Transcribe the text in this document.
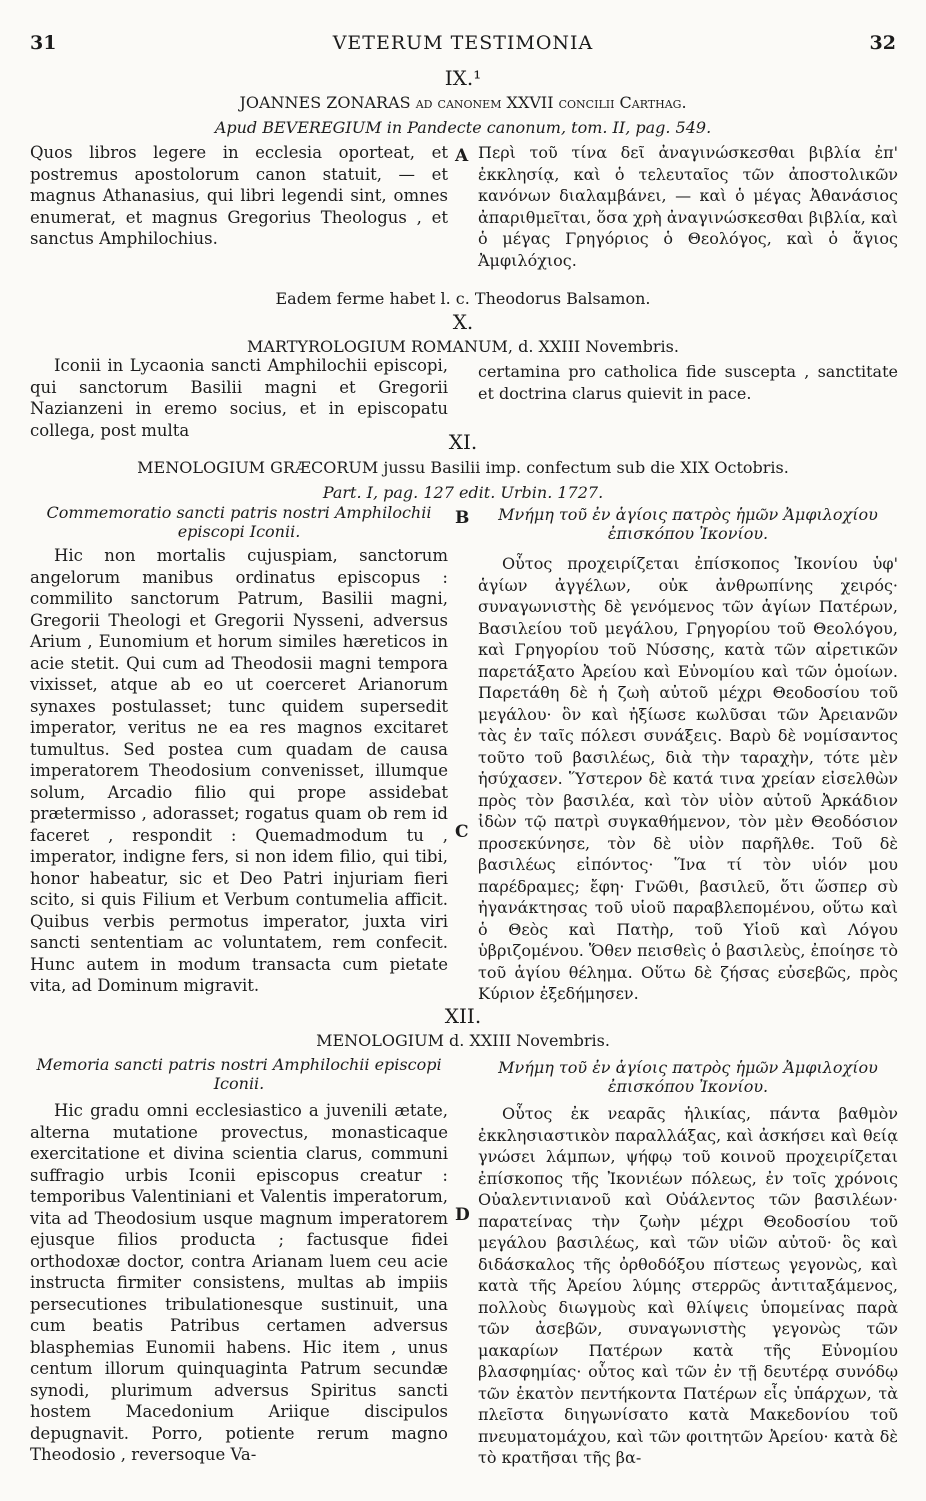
31	VETERUM TESTIMONIA	32
IX.¹
JOANNES ZONARAS ad canonem XXVII concilii Carthag.
Apud BEVEREGIUM in Pandecte canonum, tom. II, pag. 549.

Quos libros legere in ecclesia oporteat, et postremus apostolorum canon statuit, — et magnus Athanasius, qui libri legendi sint, omnes enumerat, et magnus Gregorius Theologus , et sanctus Amphilochius.

Περὶ τοῦ τίνα δεῖ ἀναγινώσκεσθαι βιβλία ἐπ' ἐκκλησίᾳ, καὶ ὁ τελευταῖος τῶν ἀποστολικῶν κανόνων διαλαμβάνει, — καὶ ὁ μέγας Ἀθανάσιος ἀπαριθμεῖται, ὅσα χρὴ ἀναγινώσκεσθαι βιβλία, καὶ ὁ μέγας Γρηγόριος ὁ Θεολόγος, καὶ ὁ ἅγιος Ἀμφιλόχιος.

Eadem ferme habet l. c. Theodorus Balsamon.
X.
MARTYROLOGIUM ROMANUM, d. XXIII Novembris.

Iconii in Lycaonia sancti Amphilochii episcopi, qui sanctorum Basilii magni et Gregorii Nazianzeni in eremo socius, et in episcopatu collega, post multa

certamina pro catholica fide suscepta , sanctitate et doctrina clarus quievit in pace.

XI.
MENOLOGIUM GRÆCORUM jussu Basilii imp. confectum sub die XIX Octobris.
Part. I, pag. 127 edit. Urbin. 1727.
Commemoratio sancti patris nostri Amphilochii episcopi Iconii.
Μνήμη τοῦ ἐν ἁγίοις πατρὸς ἡμῶν Ἀμφιλοχίου ἐπισκόπου Ἰκονίου.

Hic non mortalis cujuspiam, sanctorum angelorum manibus ordinatus episcopus : commilito sanctorum Patrum, Basilii magni, Gregorii Theologi et Gregorii Nysseni, adversus Arium , Eunomium et horum similes hæreticos in acie stetit. Qui cum ad Theodosii magni tempora vixisset, atque ab eo ut coerceret Arianorum synaxes postulasset; tunc quidem supersedit imperator, veritus ne ea res magnos excitaret tumultus. Sed postea cum quadam de causa imperatorem Theodosium convenisset, illumque solum, Arcadio filio qui prope assidebat prætermisso , adorasset; rogatus quam ob rem id faceret , respondit : Quemadmodum tu , imperator, indigne fers, si non idem filio, qui tibi, honor habeatur, sic et Deo Patri injuriam fieri scito, si quis Filium et Verbum contumelia afficit. Quibus verbis permotus imperator, juxta viri sancti sententiam ac voluntatem, rem confecit. Hunc autem in modum transacta cum pietate vita, ad Dominum migravit.

Οὗτος προχειρίζεται ἐπίσκοπος Ἰκονίου ὑφ' ἁγίων ἀγγέλων, οὐκ ἀνθρωπίνης χειρός· συναγωνιστὴς δὲ γενόμενος τῶν ἁγίων Πατέρων, Βασιλείου τοῦ μεγάλου, Γρηγορίου τοῦ Θεολόγου, καὶ Γρηγορίου τοῦ Νύσσης, κατὰ τῶν αἱρετικῶν παρετάξατο Ἀρείου καὶ Εὐνομίου καὶ τῶν ὁμοίων. Παρετάθη δὲ ἡ ζωὴ αὐτοῦ μέχρι Θεοδοσίου τοῦ μεγάλου· ὃν καὶ ἠξίωσε κωλῦσαι τῶν Ἀρειανῶν τὰς ἐν ταῖς πόλεσι συνάξεις. Βαρὺ δὲ νομίσαντος τοῦτο τοῦ βασιλέως, διὰ τὴν ταραχὴν, τότε μὲν ἡσύχασεν. Ὕστερον δὲ κατά τινα χρείαν εἰσελθὼν πρὸς τὸν βασιλέα, καὶ τὸν υἱὸν αὐτοῦ Ἀρκάδιον ἰδὼν τῷ πατρὶ συγκαθήμενον, τὸν μὲν Θεοδόσιον προσεκύνησε, τὸν δὲ υἱὸν παρῆλθε. Τοῦ δὲ βασιλέως εἰπόντος· Ἵνα τί τὸν υἱόν μου παρέδραμες; ἔφη· Γνῶθι, βασιλεῦ, ὅτι ὥσπερ σὺ ἠγανάκτησας τοῦ υἱοῦ παραβλεπομένου, οὕτω καὶ ὁ Θεὸς καὶ Πατὴρ, τοῦ Υἱοῦ καὶ Λόγου ὑβριζομένου. Ὅθεν πεισθεὶς ὁ βασιλεὺς, ἐποίησε τὸ τοῦ ἁγίου θέλημα. Οὕτω δὲ ζήσας εὐσεβῶς, πρὸς Κύριον ἐξεδήμησεν.

XII.
MENOLOGIUM d. XXIII Novembris.
Memoria sancti patris nostri Amphilochii episcopi Iconii.
Μνήμη τοῦ ἐν ἁγίοις πατρὸς ἡμῶν Ἀμφιλοχίου ἐπισκόπου Ἰκονίου.

Hic gradu omni ecclesiastico a juvenili ætate, alterna mutatione provectus, monasticaque exercitatione et divina scientia clarus, communi suffragio urbis Iconii episcopus creatur : temporibus Valentiniani et Valentis imperatorum, vita ad Theodosium usque magnum imperatorem ejusque filios producta ; factusque fidei orthodoxæ doctor, contra Arianam luem ceu acie instructa firmiter consistens, multas ab impiis persecutiones tribulationesque sustinuit, una cum beatis Patribus certamen adversus blasphemias Eunomii habens. Hic item , unus centum illorum quinquaginta Patrum secundæ synodi, plurimum adversus Spiritus sancti hostem Macedonium Ariique discipulos depugnavit. Porro, potiente rerum magno Theodosio , reversoque Va-

Οὗτος ἐκ νεαρᾶς ἡλικίας, πάντα βαθμὸν ἐκκλησιαστικὸν παραλλάξας, καὶ ἀσκήσει καὶ θείᾳ γνώσει λάμπων, ψήφῳ τοῦ κοινοῦ προχειρίζεται ἐπίσκοπος τῆς Ἰκονιέων πόλεως, ἐν τοῖς χρόνοις Οὐαλεντινιανοῦ καὶ Οὐάλεντος τῶν βασιλέων· παρατείνας τὴν ζωὴν μέχρι Θεοδοσίου τοῦ μεγάλου βασιλέως, καὶ τῶν υἱῶν αὐτοῦ· ὃς καὶ διδάσκαλος τῆς ὀρθοδόξου πίστεως γεγονὼς, καὶ κατὰ τῆς Ἀρείου λύμης στερρῶς ἀντιταξάμενος, πολλοὺς διωγμοὺς καὶ θλίψεις ὑπομείνας παρὰ τῶν ἀσεβῶν, συναγωνιστὴς γεγονὼς τῶν μακαρίων Πατέρων κατὰ τῆς Εὐνομίου βλασφημίας· οὗτος καὶ τῶν ἐν τῇ δευτέρᾳ συνόδῳ τῶν ἑκατὸν πεντήκοντα Πατέρων εἷς ὑπάρχων, τὰ πλεῖστα διηγωνίσατο κατὰ Μακεδονίου τοῦ πνευματομάχου, καὶ τῶν φοιτητῶν Ἀρείου· κατὰ δὲ τὸ κρατῆσαι τῆς βα-

A
B
C
D
